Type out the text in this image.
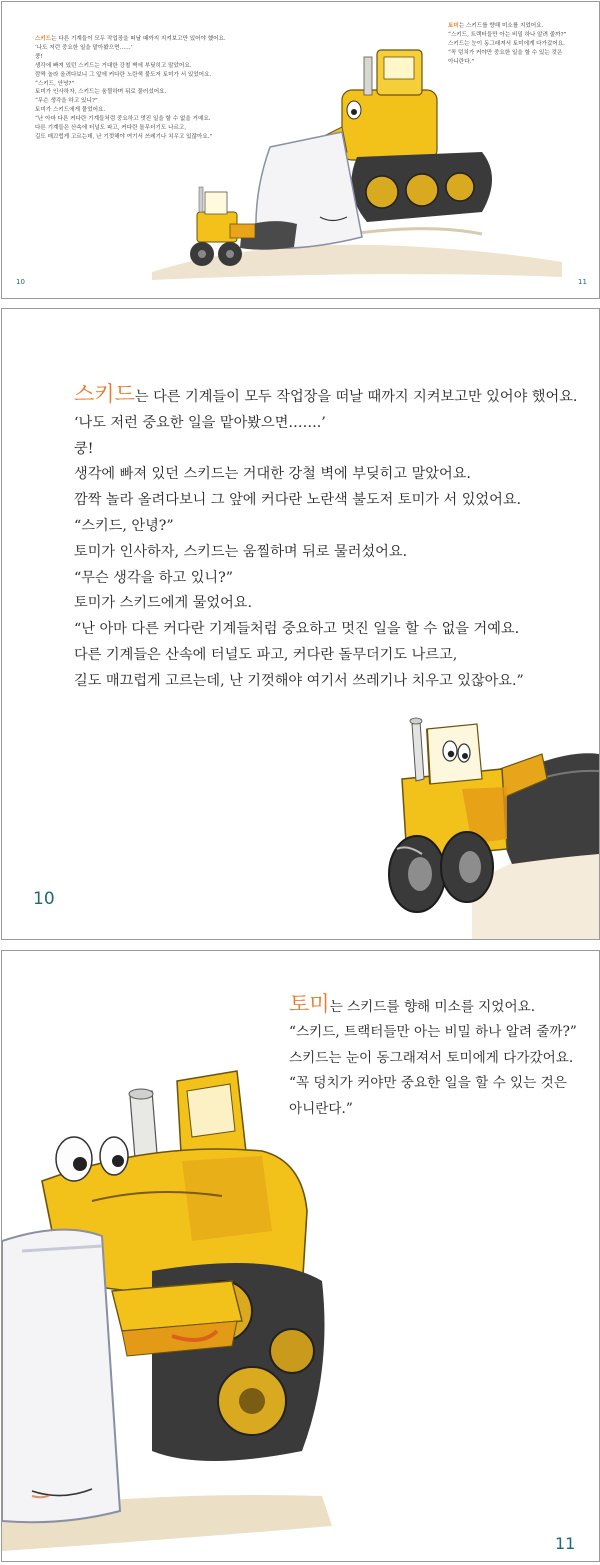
스키드는 다른 기계들이 모두 작업장을 떠날 때까지 지켜보고만 있어야 했어요.

‘나도 저런 중요한 일을 맡아봤으면……’

쿵!

생각에 빠져 있던 스키드는 거대한 강철 벽에 부딪히고 말았어요.

깜짝 놀라 올려다보니 그 앞에 커다란 노란색 불도저 토미가 서 있었어요.

“스키드, 안녕?”

토미가 인사하자, 스키드는 움찔하며 뒤로 물러섰어요.

“무슨 생각을 하고 있니?”

토미가 스키드에게 물었어요.

“난 아마 다른 커다란 기계들처럼 중요하고 멋진 일을 할 수 없을 거예요.

다른 기계들은 산속에 터널도 파고, 커다란 돌무더기도 나르고,

길도 매끄럽게 고르는데, 난 기껏해야 여기서 쓰레기나 치우고 있잖아요.”

토미는 스키드를 향해 미소를 지었어요.

“스키드, 트랙터들만 아는 비밀 하나 알려 줄까?”

스키드는 눈이 동그래져서 토미에게 다가갔어요.

“꼭 덩치가 커야만 중요한 일을 할 수 있는 것은

아니란다.”

10	11

스키드는 다른 기계들이 모두 작업장을 떠날 때까지 지켜보고만 있어야 했어요.

‘나도 저런 중요한 일을 맡아봤으면…….’

쿵!

생각에 빠져 있던 스키드는 거대한 강철 벽에 부딪히고 말았어요.

깜짝 놀라 올려다보니 그 앞에 커다란 노란색 불도저 토미가 서 있었어요.

“스키드, 안녕?”

토미가 인사하자, 스키드는 움찔하며 뒤로 물러섰어요.

“무슨 생각을 하고 있니?”

토미가 스키드에게 물었어요.

“난 아마 다른 커다란 기계들처럼 중요하고 멋진 일을 할 수 없을 거예요.

다른 기계들은 산속에 터널도 파고, 커다란 돌무더기도 나르고,

길도 매끄럽게 고르는데, 난 기껏해야 여기서 쓰레기나 치우고 있잖아요.”

10

토미는 스키드를 향해 미소를 지었어요.

“스키드, 트랙터들만 아는 비밀 하나 알려 줄까?”

스키드는 눈이 동그래져서 토미에게 다가갔어요.

“꼭 덩치가 커야만 중요한 일을 할 수 있는 것은

아니란다.”

11
